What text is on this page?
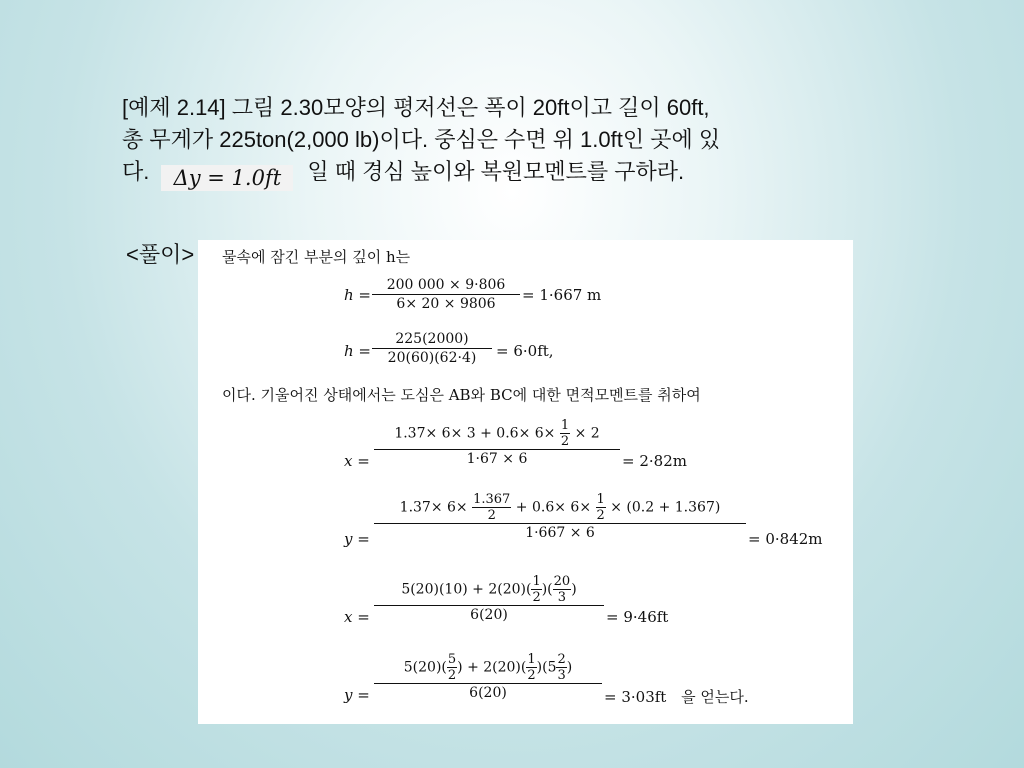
[예제 2.14] 그림 2.30모양의 평저선은 폭이 20ft이고 길이 60ft,
총 무게가 225ton(2,000 lb)이다. 중심은 수면 위 1.0ft인 곳에 있
다. Δy = 1.0ft 일 때 경심 높이와 복원모멘트를 구하라.
<풀이> 물속에 잠긴 부분의 깊이 h는
$h = \frac{200 000 \times 9\cdot 806}{6\times 20 \times 9806} = 1\cdot 667$ m
$h = \frac{225(2000)}{20(60)(62\cdot 4)} = 6\cdot 0ft$,
이다. 기울어진 상태에서는 도심은 AB와 BC에 대한 면적모멘트를 취하여
$x = \frac{1.37\times 6\times 3 + 0.6\times 6\times \frac{1}{2} \times 2}{1\cdot 67 \times 6} = 2\cdot 82m$
y =
$1.37\times 6\times \frac{1.367}{2} + 0.6\times 6\times \frac{1}{2} \times (0.2 + 1.367)$
1·667 × 6	= 0·842m
$x = \frac{5(20)(10) + 2(20)( \frac{1}{2} )( \frac{20}{3} )}{6(20)} = 9\cdot 46ft$
$y = \frac{5(20)( \frac{5}{2} ) + 2(20)( \frac{1}{2} )(5 \frac{2}{3} )}{6(20)} = 3\cdot 03ft$ 을 얻는다.
